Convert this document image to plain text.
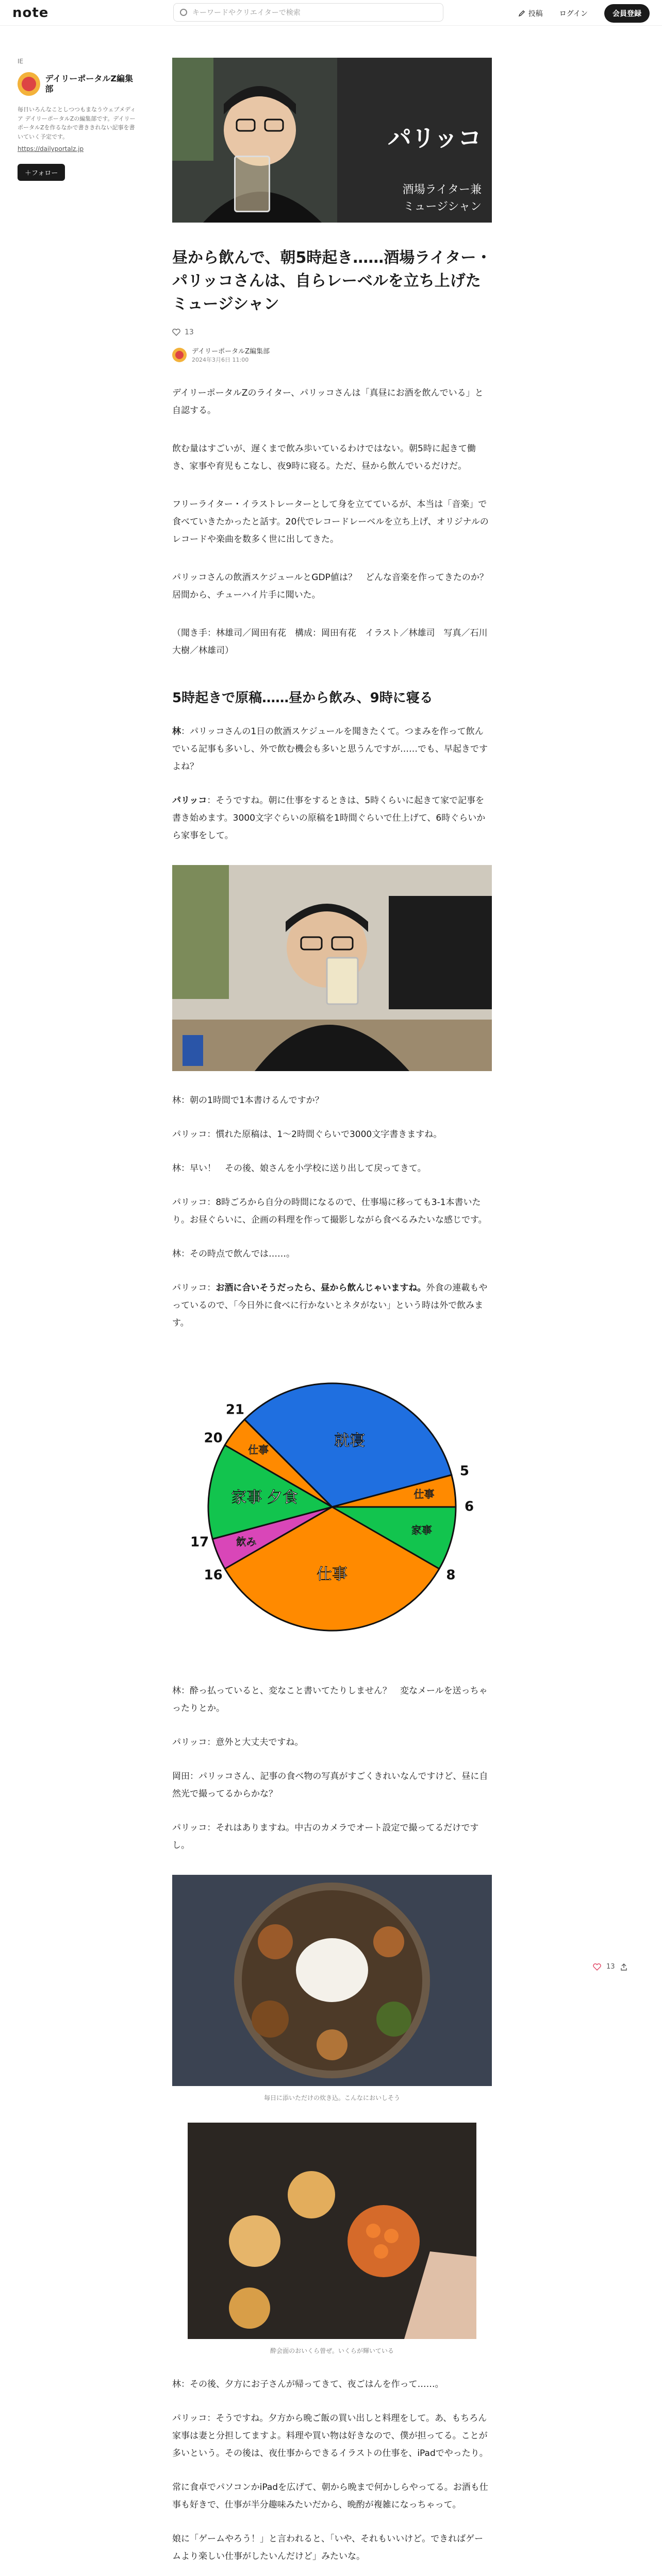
note	キーワードやクリエイターで検索	投稿	ログイン	会員登録
IE
デイリーポータルZ編集部
毎日いろんなことしつつもまなうウェブメディア デイリーポータルZの編集部です。デイリーポータルZを作るなかで書ききれない記事を書いていく予定です。
https://dailyportalz.jp
＋フォロー
パリッコ
酒場ライター兼
ミュージシャン
昼から飲んで、朝5時起き……酒場ライター・パリッコさんは、自らレーベルを立ち上げたミュージシャン
13
デイリーポータルZ編集部
2024年3月6日 11:00

デイリーポータルZのライター、パリッコさんは「真昼にお酒を飲んでいる」と自認する。

飲む量はすごいが、遅くまで飲み歩いているわけではない。朝5時に起きて働き、家事や育児もこなし、夜9時に寝る。ただ、昼から飲んでいるだけだ。

フリーライター・イラストレーターとして身を立てているが、本当は「音楽」で食べていきたかったと話す。20代でレコードレーベルを立ち上げ、オリジナルのレコードや楽曲を数多く世に出してきた。

パリッコさんの飲酒スケジュールとGDP値は？　どんな音楽を作ってきたのか？　居間から、チューハイ片手に聞いた。

（聞き手：林雄司／岡田有花　構成：岡田有花　イラスト／林雄司　写真／石川大樹／林雄司）

5時起きで原稿……昼から飲み、9時に寝る

林：パリッコさんの1日の飲酒スケジュールを聞きたくて。つまみを作って飲んでいる記事も多いし、外で飲む機会も多いと思うんですが……でも、早起きですよね？

パリッコ：そうですね。朝に仕事をするときは、5時くらいに起きて家で記事を書き始めます。3000文字ぐらいの原稿を1時間ぐらいで仕上げて、6時ぐらいから家事をして。

林：朝の1時間で1本書けるんですか？

パリッコ：慣れた原稿は、1〜2時間ぐらいで3000文字書きますね。

林：早い！　その後、娘さんを小学校に送り出して戻ってきて。

パリッコ：8時ごろから自分の時間になるので、仕事場に移っても3-1本書いたり。お昼ぐらいに、企画の料理を作って撮影しながら食べるみたいな感じです。

林：その時点で飲んでは……。

パリッコ：お酒に合いそうだったら、昼から飲んじゃいますね。外食の連載もやっているので、「今日外に食べに行かないとネタがない」という時は外で飲みます。

就寝
仕事
家事
仕事
飲み
家事 夕食
仕事
21
5
6
8
16
17
20

林：酔っ払っていると、変なこと書いてたりしません？　変なメールを送っちゃったりとか。

パリッコ：意外と大丈夫ですね。

岡田：パリッコさん、記事の食べ物の写真がすごくきれいなんですけど、昼に自然光で撮ってるからかな？

パリッコ：それはありますね。中古のカメラでオート設定で撮ってるだけですし。

毎日に添いただけの炊き込。こんなにおいしそう
酔会面のおいくら曽ぜ。いくらが輝いている

林：その後、夕方にお子さんが帰ってきて、夜ごはんを作って……。

パリッコ：そうですね。夕方から晩ご飯の買い出しと料理をして。あ、もちろん家事は妻と分担してますよ。料理や買い物は好きなので、僕が担ってる。ことが多いという。その後は、夜仕事からできるイラストの仕事を、iPadでやったり。

常に食卓でパソコンかiPadを広げて、朝から晩まで何かしらやってる。お酒も仕事も好きで、仕事が半分趣味みたいだから、晩酌が複雑になっちゃって。

娘に「ゲームやろう！」と言われると、「いや、それもいいけど。できればゲームより楽しい仕事がしたいんだけど」みたいな。

13
